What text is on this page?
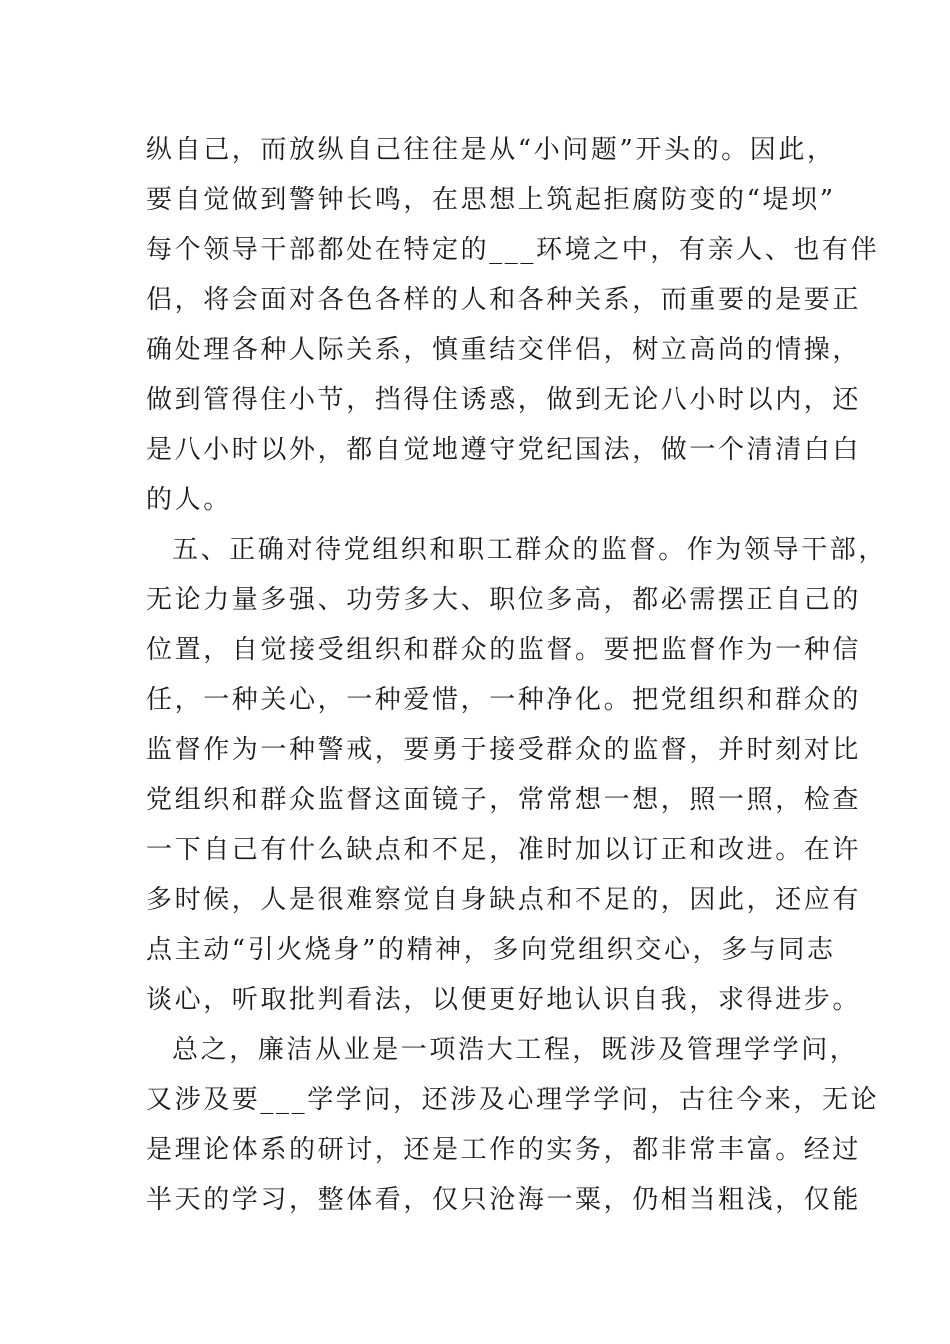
纵自己，而放纵自己往往是从“小问题”开头的。因此，
要自觉做到警钟长鸣，在思想上筑起拒腐防变的“堤坝”
每个领导干部都处在特定的___环境之中，有亲人、也有伴
侣，将会面对各色各样的人和各种关系，而重要的是要正
确处理各种人际关系，慎重结交伴侣，树立高尚的情操，
做到管得住小节，挡得住诱惑，做到无论八小时以内，还
是八小时以外，都自觉地遵守党纪国法，做一个清清白白
的人。
五、正确对待党组织和职工群众的监督。作为领导干部，
无论力量多强、功劳多大、职位多高，都必需摆正自己的
位置，自觉接受组织和群众的监督。要把监督作为一种信
任，一种关心，一种爱惜，一种净化。把党组织和群众的
监督作为一种警戒，要勇于接受群众的监督，并时刻对比
党组织和群众监督这面镜子，常常想一想，照一照，检查
一下自己有什么缺点和不足，准时加以订正和改进。在许
多时候，人是很难察觉自身缺点和不足的，因此，还应有
点主动“引火烧身”的精神，多向党组织交心，多与同志
谈心，听取批判看法，以便更好地认识自我，求得进步。
总之，廉洁从业是一项浩大工程，既涉及管理学学问，
又涉及要___学学问，还涉及心理学学问，古往今来，无论
是理论体系的研讨，还是工作的实务，都非常丰富。经过
半天的学习，整体看，仅只沧海一粟，仍相当粗浅，仅能
